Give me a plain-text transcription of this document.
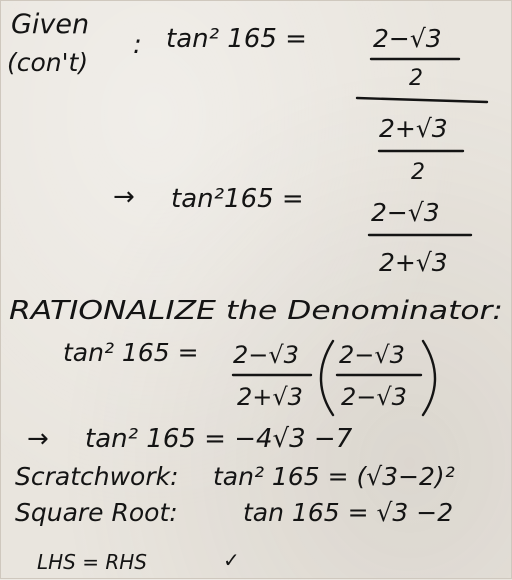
Given
(con't)
: tan² 165 =	2−√3
2
2+√3
2
→ tan²165 =	2−√3
2+√3
RATIONALIZE the Denominator:
tan² 165 = 2−√3
2+√3
2−√3
2−√3
→ tan² 165 = −4√3 −7
Scratchwork: tan² 165 = (√3−2)²
Square Root:	tan 165 = √3 −2
LHS = RHS	✓
